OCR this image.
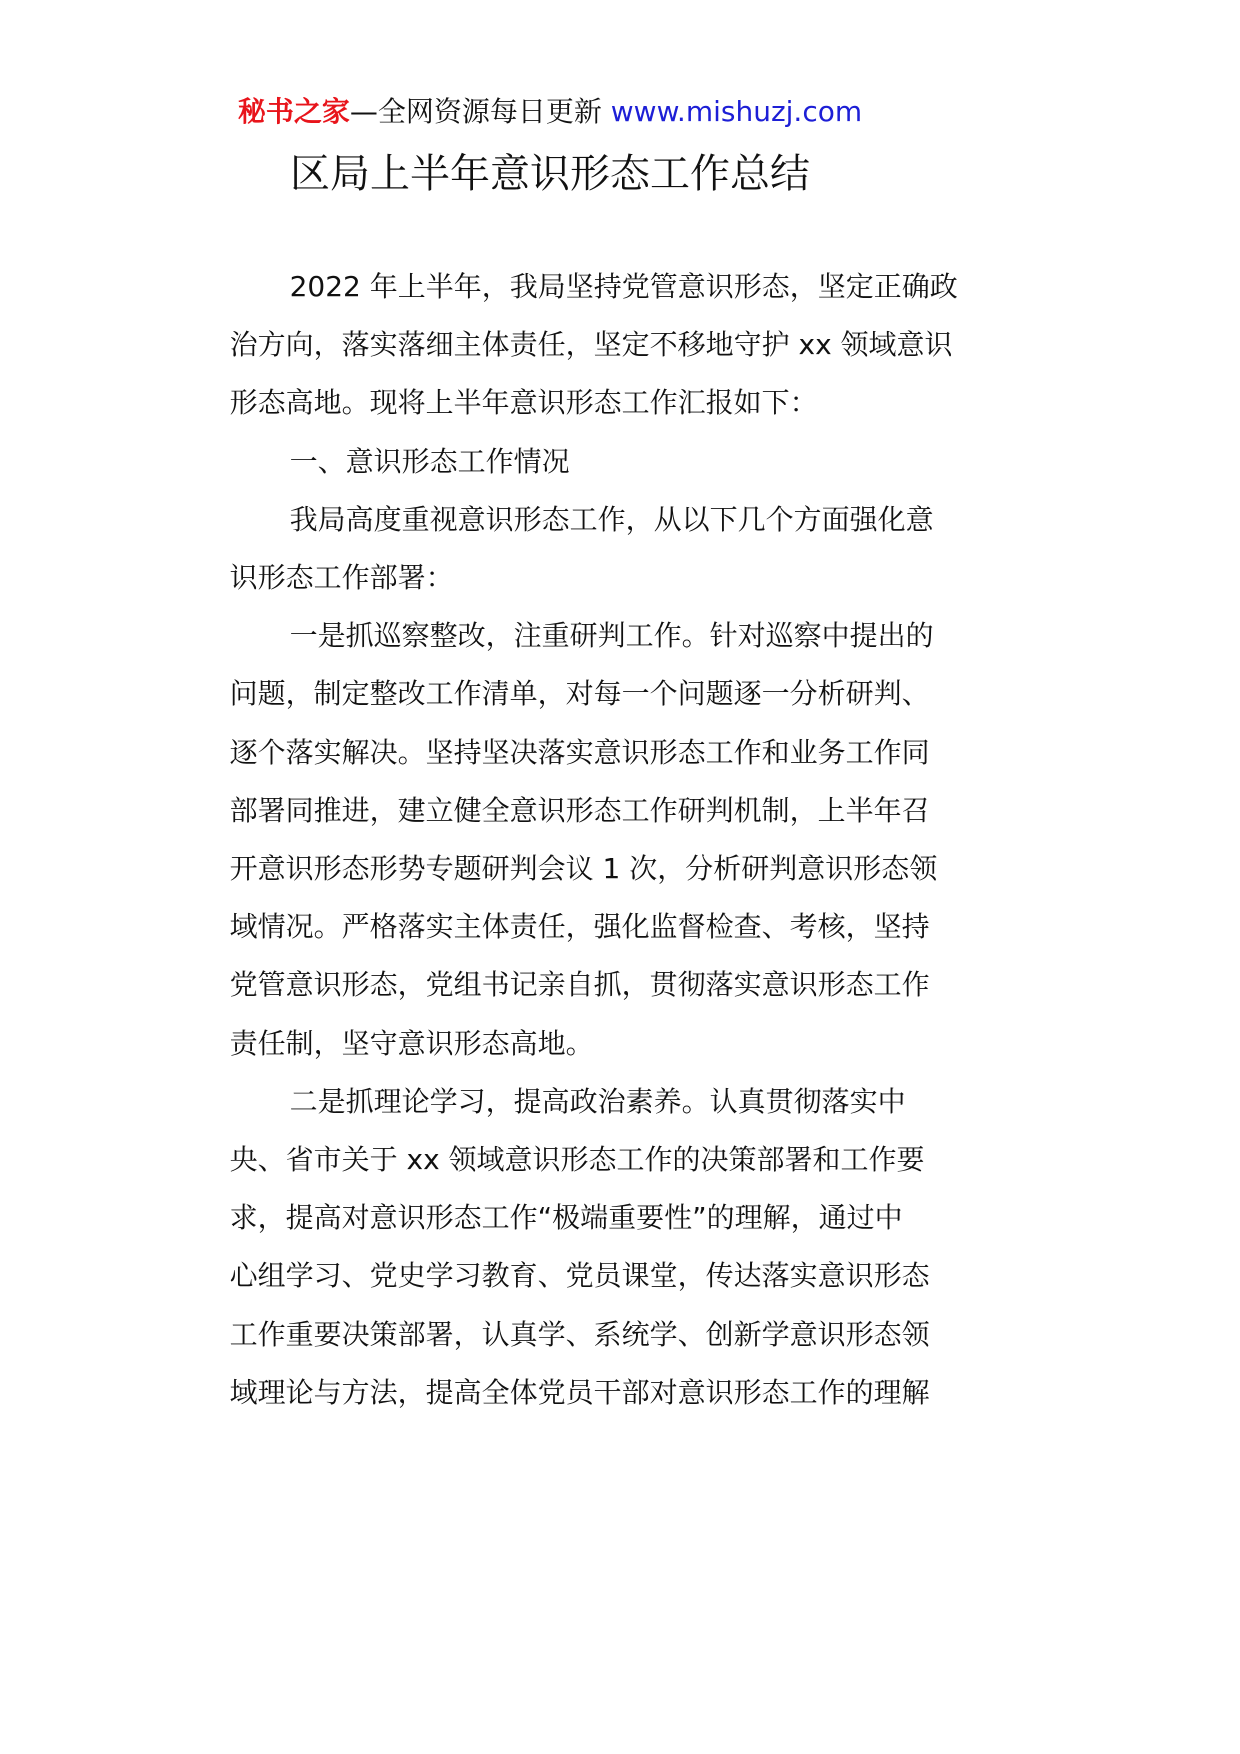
秘书之家—全网资源每日更新 www.mishuzj.com
区局上半年意识形态工作总结
2022 年上半年，我局坚持党管意识形态，坚定正确政
治方向，落实落细主体责任，坚定不移地守护 xx 领域意识
形态高地。现将上半年意识形态工作汇报如下：
一、意识形态工作情况
我局高度重视意识形态工作，从以下几个方面强化意
识形态工作部署：
一是抓巡察整改，注重研判工作。针对巡察中提出的
问题，制定整改工作清单，对每一个问题逐一分析研判、
逐个落实解决。坚持坚决落实意识形态工作和业务工作同
部署同推进，建立健全意识形态工作研判机制，上半年召
开意识形态形势专题研判会议 1 次，分析研判意识形态领
域情况。严格落实主体责任，强化监督检查、考核，坚持
党管意识形态，党组书记亲自抓，贯彻落实意识形态工作
责任制，坚守意识形态高地。
二是抓理论学习，提高政治素养。认真贯彻落实中
央、省市关于 xx 领域意识形态工作的决策部署和工作要
求，提高对意识形态工作“极端重要性”的理解，通过中
心组学习、党史学习教育、党员课堂，传达落实意识形态
工作重要决策部署，认真学、系统学、创新学意识形态领
域理论与方法，提高全体党员干部对意识形态工作的理解
